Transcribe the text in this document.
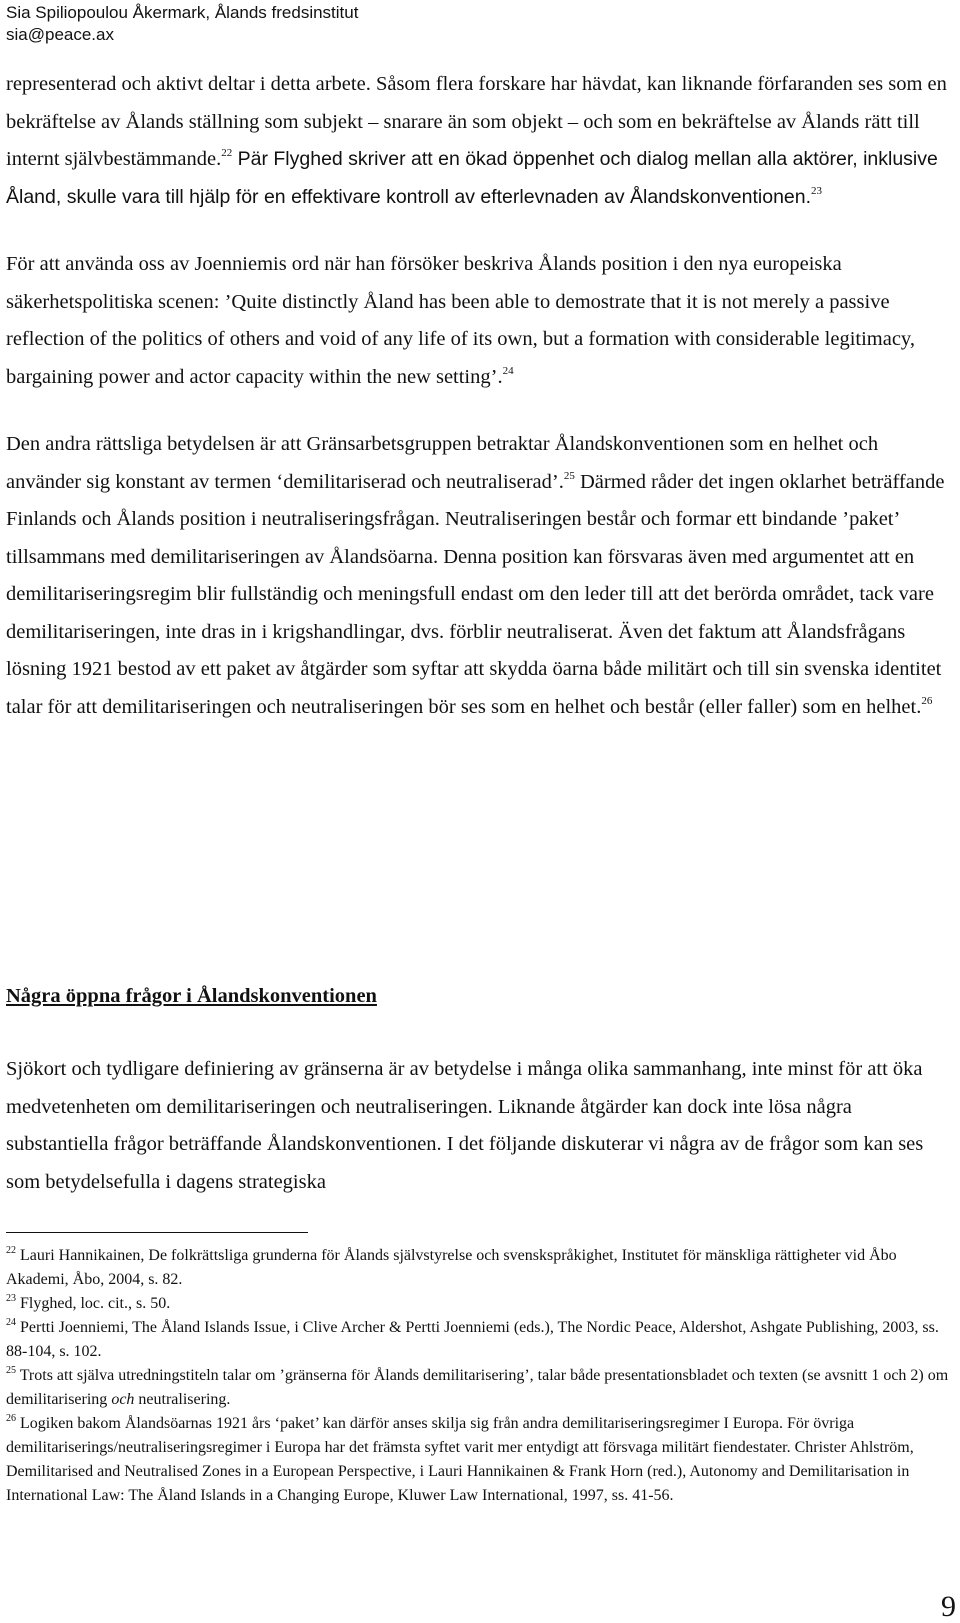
Sia Spiliopoulou Åkermark, Ålands fredsinstitut
sia@peace.ax

representerad och aktivt deltar i detta arbete. Såsom flera forskare har hävdat, kan liknande förfaranden ses som en bekräftelse av Ålands ställning som subjekt – snarare än som objekt – och som en bekräftelse av Ålands rätt till internt självbestämmande.$^{22}$ Pär Flyghed skriver att en ökad öppenhet och dialog mellan alla aktörer, inklusive Åland, skulle vara till hjälp för en effektivare kontroll av efterlevnaden av Ålandskonventionen.$^{23}$

För att använda oss av Joenniemis ord när han försöker beskriva Ålands position i den nya europeiska säkerhetspolitiska scenen: ’Quite distinctly Åland has been able to demostrate that it is not merely a passive reflection of the politics of others and void of any life of its own, but a formation with considerable legitimacy, bargaining power and actor capacity within the new setting’.$^{24}$

Den andra rättsliga betydelsen är att Gränsarbetsgruppen betraktar Ålandskonventionen som en helhet och använder sig konstant av termen ‘demilitariserad och neutraliserad’.$^{25}$ Därmed råder det ingen oklarhet beträffande Finlands och Ålands position i neutraliseringsfrågan. Neutraliseringen består och formar ett bindande ’paket’ tillsammans med demilitariseringen av Ålandsöarna. Denna position kan försvaras även med argumentet att en demilitariseringsregim blir fullständig och meningsfull endast om den leder till att det berörda området, tack vare demilitariseringen, inte dras in i krigshandlingar, dvs. förblir neutraliserat. Även det faktum att Ålandsfrågans lösning 1921 bestod av ett paket av åtgärder som syftar att skydda öarna både militärt och till sin svenska identitet talar för att demilitariseringen och neutraliseringen bör ses som en helhet och består (eller faller) som en helhet.$^{26}$

Några öppna frågor i Ålandskonventionen
Sjökort och tydligare definiering av gränserna är av betydelse i många olika sammanhang, inte minst för att öka medvetenheten om demilitariseringen och neutraliseringen. Liknande åtgärder kan dock inte lösa några substantiella frågor beträffande Ålandskonventionen. I det följande diskuterar vi några av de frågor som kan ses som betydelsefulla i dagens strategiska

$^{22}$ Lauri Hannikainen, De folkrättsliga grunderna för Ålands självstyrelse och svenskspråkighet, Institutet för mänskliga rättigheter vid Åbo Akademi, Åbo, 2004, s. 82.

$^{23}$ Flyghed, loc. cit., s. 50.

$^{24}$ Pertti Joenniemi, The Åland Islands Issue, i Clive Archer & Pertti Joenniemi (eds.), The Nordic Peace, Aldershot, Ashgate Publishing, 2003, ss. 88-104, s. 102.

$^{25}$ Trots att själva utredningstiteln talar om ’gränserna för Ålands demilitarisering’, talar både presentationsbladet och texten (se avsnitt 1 och 2) om demilitarisering och neutralisering.

$^{26}$ Logiken bakom Ålandsöarnas 1921 års ‘paket’ kan därför anses skilja sig från andra demilitariseringsregimer I Europa. För övriga demilitariserings/neutraliseringsregimer i Europa har det främsta syftet varit mer entydigt att försvaga militärt fiendestater. Christer Ahlström, Demilitarised and Neutralised Zones in a European Perspective, i Lauri Hannikainen & Frank Horn (red.), Autonomy and Demilitarisation in International Law: The Åland Islands in a Changing Europe, Kluwer Law International, 1997, ss. 41-56.

9
